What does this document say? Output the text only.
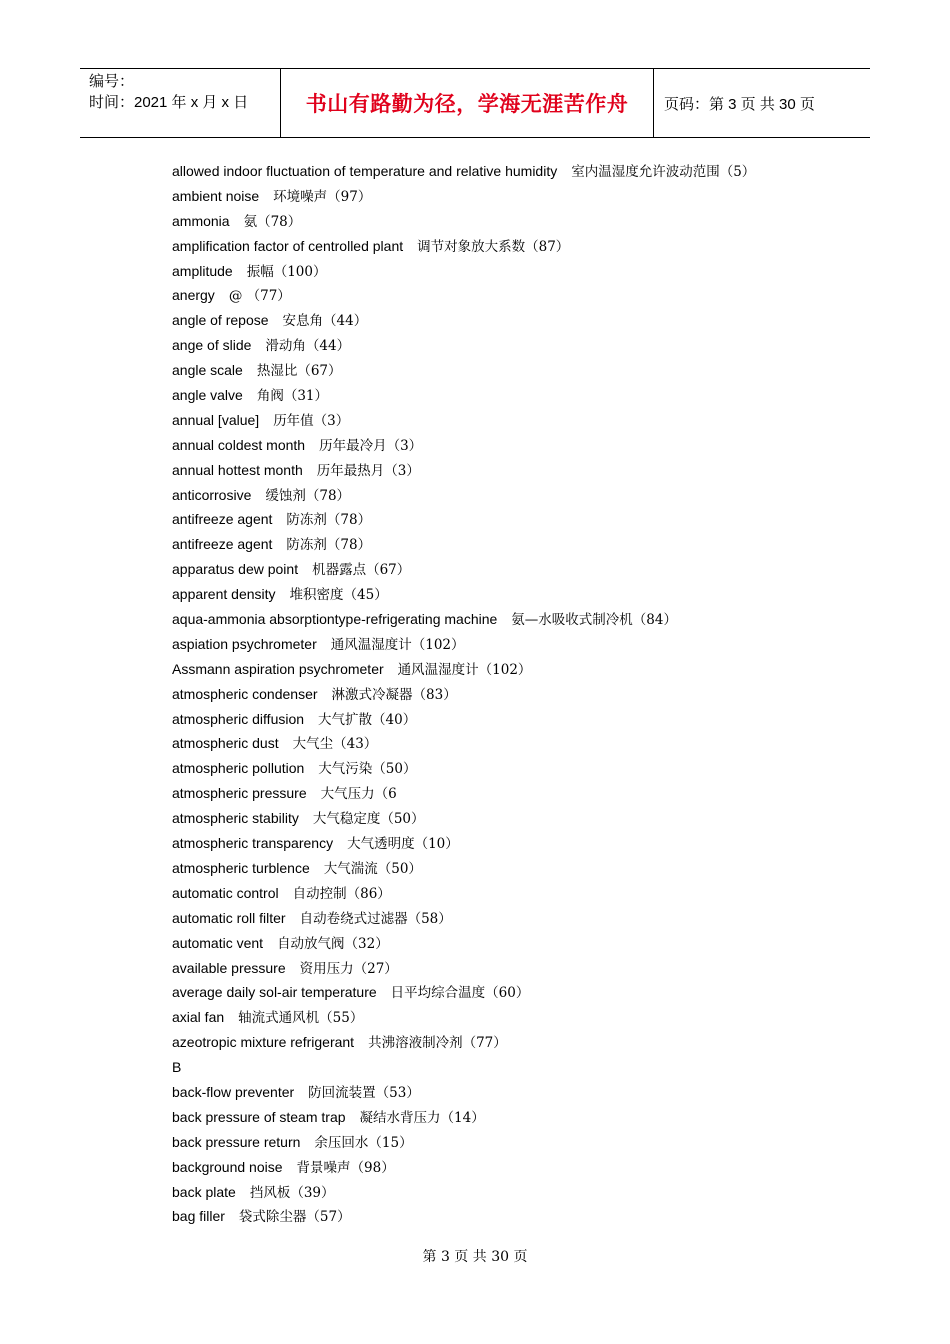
编号：
时间：2021 年 x 月 x 日	书山有路勤为径，学海无涯苦作舟 页码：第 3 页 共 30 页
allowed indoor fluctuation of temperature and relative humidity 室内温湿度允许波动范围（5）
ambient noise 环境噪声（97）
ammonia 氨（78）
amplification factor of centrolled plant 调节对象放大系数（87）
amplitude 振幅（100）
anergy @ （77）
angle of repose 安息角（44）
ange of slide 滑动角（44）
angle scale 热湿比（67）
angle valve 角阀（31）
annual [value] 历年值（3）
annual coldest month 历年最冷月（3）
annual hottest month 历年最热月（3）
anticorrosive 缓蚀剂（78）
antifreeze agent 防冻剂（78）
antifreeze agent 防冻剂（78）
apparatus dew point 机器露点（67）
apparent density 堆积密度（45）
aqua-ammonia absorptiontype-refrigerating machine 氨—水吸收式制冷机（84）
aspiation psychrometer 通风温湿度计（102）
Assmann aspiration psychrometer 通风温湿度计（102）
atmospheric condenser 淋激式冷凝器（83）
atmospheric diffusion 大气扩散（40）
atmospheric dust 大气尘（43）
atmospheric pollution 大气污染（50）
atmospheric pressure 大气压力（6
atmospheric stability 大气稳定度（50）
atmospheric transparency 大气透明度（10）
atmospheric turblence 大气湍流（50）
automatic control 自动控制（86）
automatic roll filter 自动卷绕式过滤器（58）
automatic vent 自动放气阀（32）
available pressure 资用压力（27）
average daily sol-air temperature 日平均综合温度（60）
axial fan 轴流式通风机（55）
azeotropic mixture refrigerant 共沸溶液制冷剂（77）
B
back-flow preventer 防回流装置（53）
back pressure of steam trap 凝结水背压力（14）
back pressure return 余压回水（15）
background noise 背景噪声（98）
back plate 挡风板（39）
bag filler 袋式除尘器（57）
第 3 页 共 30 页
